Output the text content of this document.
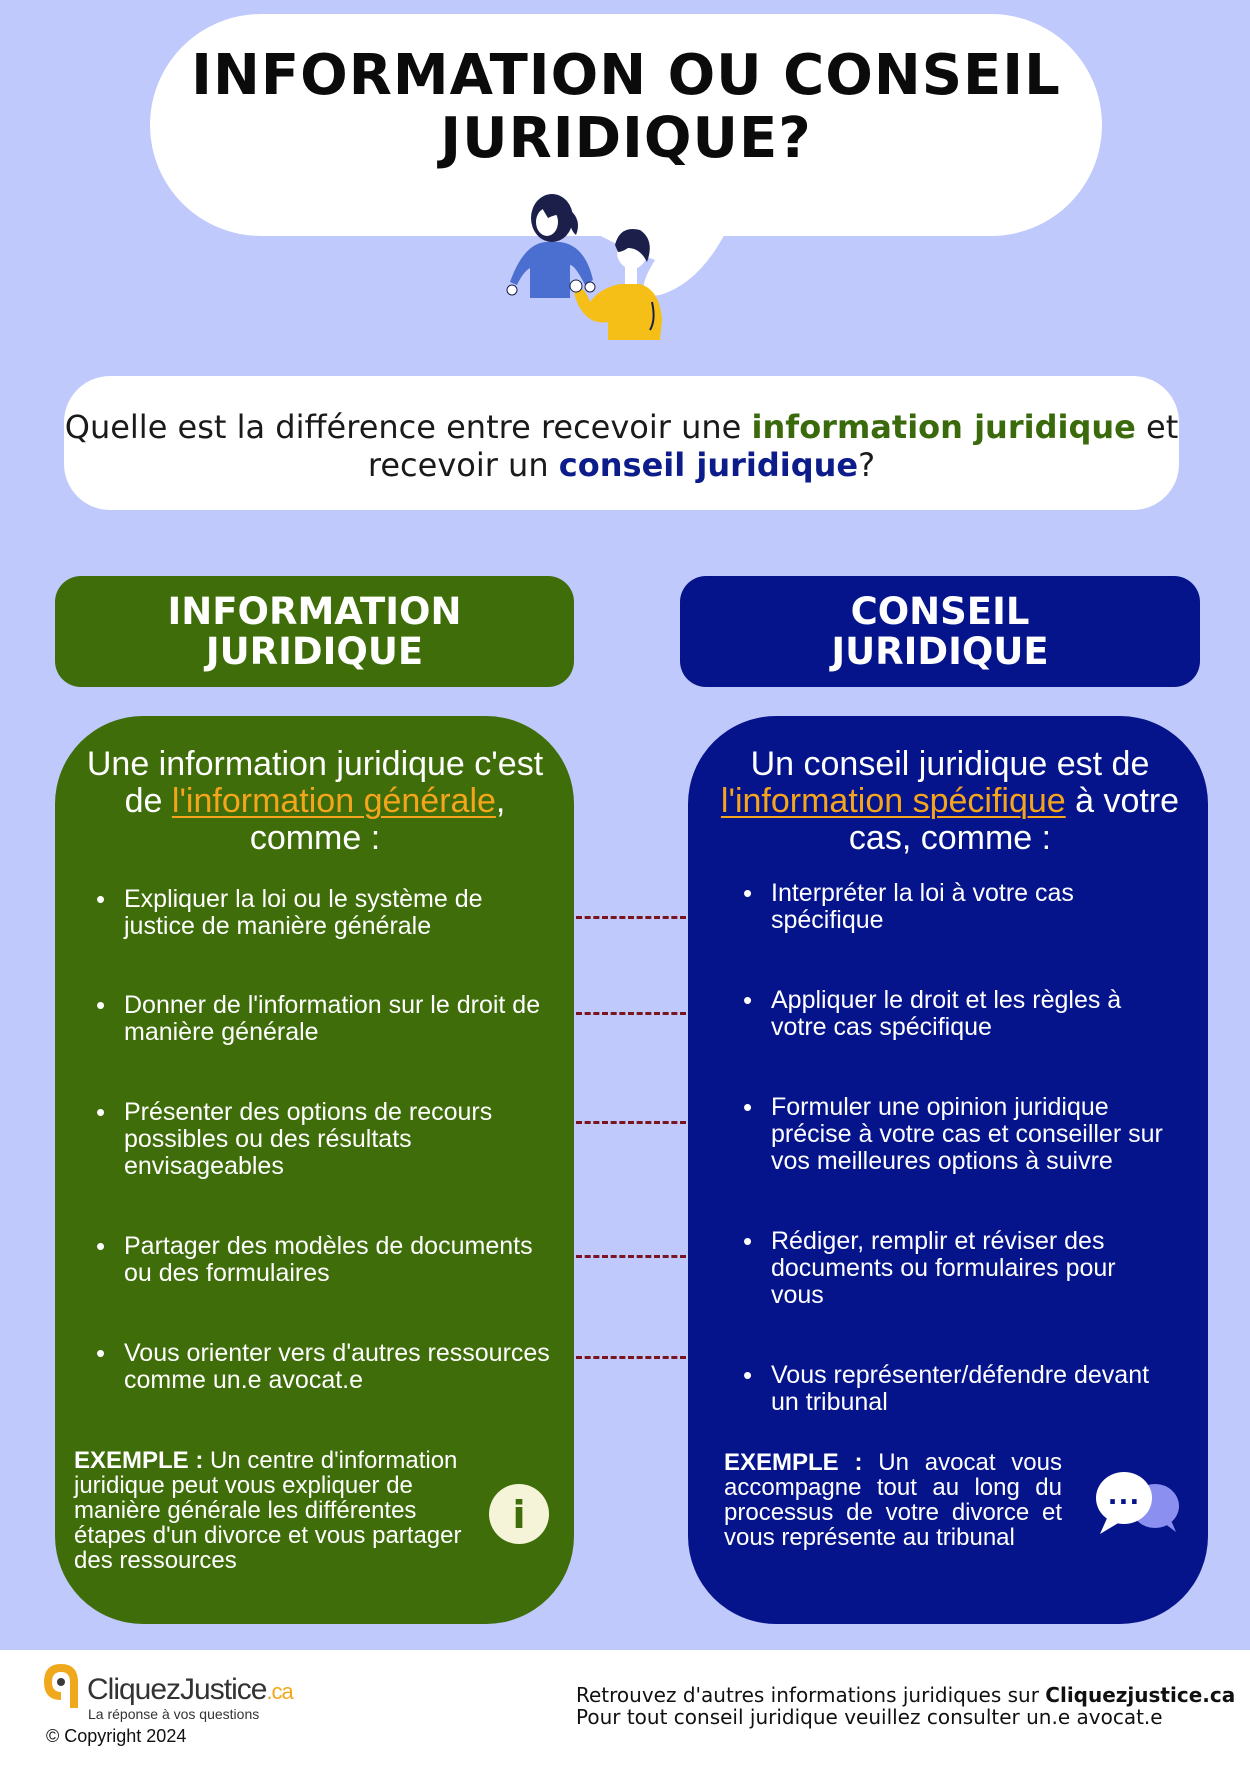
INFORMATION OU CONSEIL JURIDIQUE?
Quelle est la différence entre recevoir une information juridique et recevoir un conseil juridique?
INFORMATION JURIDIQUE
CONSEIL JURIDIQUE
Une information juridique c'est de l'information générale, comme :
Un conseil juridique est de l'information spécifique à votre cas, comme :
• Expliquer la loi ou le système de justice de manière générale
• Donner de l'information sur le droit de manière générale
• Présenter des options de recours possibles ou des résultats envisageables
• Partager des modèles de documents ou des formulaires
• Vous orienter vers d'autres ressources comme un.e avocat.e
• Interpréter la loi à votre cas spécifique
• Appliquer le droit et les règles à votre cas spécifique
• Formuler une opinion juridique précise à votre cas et conseiller sur vos meilleures options à suivre
• Rédiger, remplir et réviser des documents ou formulaires pour vous
• Vous représenter/défendre devant un tribunal
EXEMPLE : Un centre d'information juridique peut vous expliquer de manière générale les différentes étapes d'un divorce et vous partager des ressources
EXEMPLE : Un avocat vous accompagne tout au long du processus de votre divorce et vous représente au tribunal
i	...
CliquezJustice.ca
La réponse à vos questions
© Copyright 2024
Retrouvez d'autres informations juridiques sur Cliquezjustice.ca
Pour tout conseil juridique veuillez consulter un.e avocat.e
